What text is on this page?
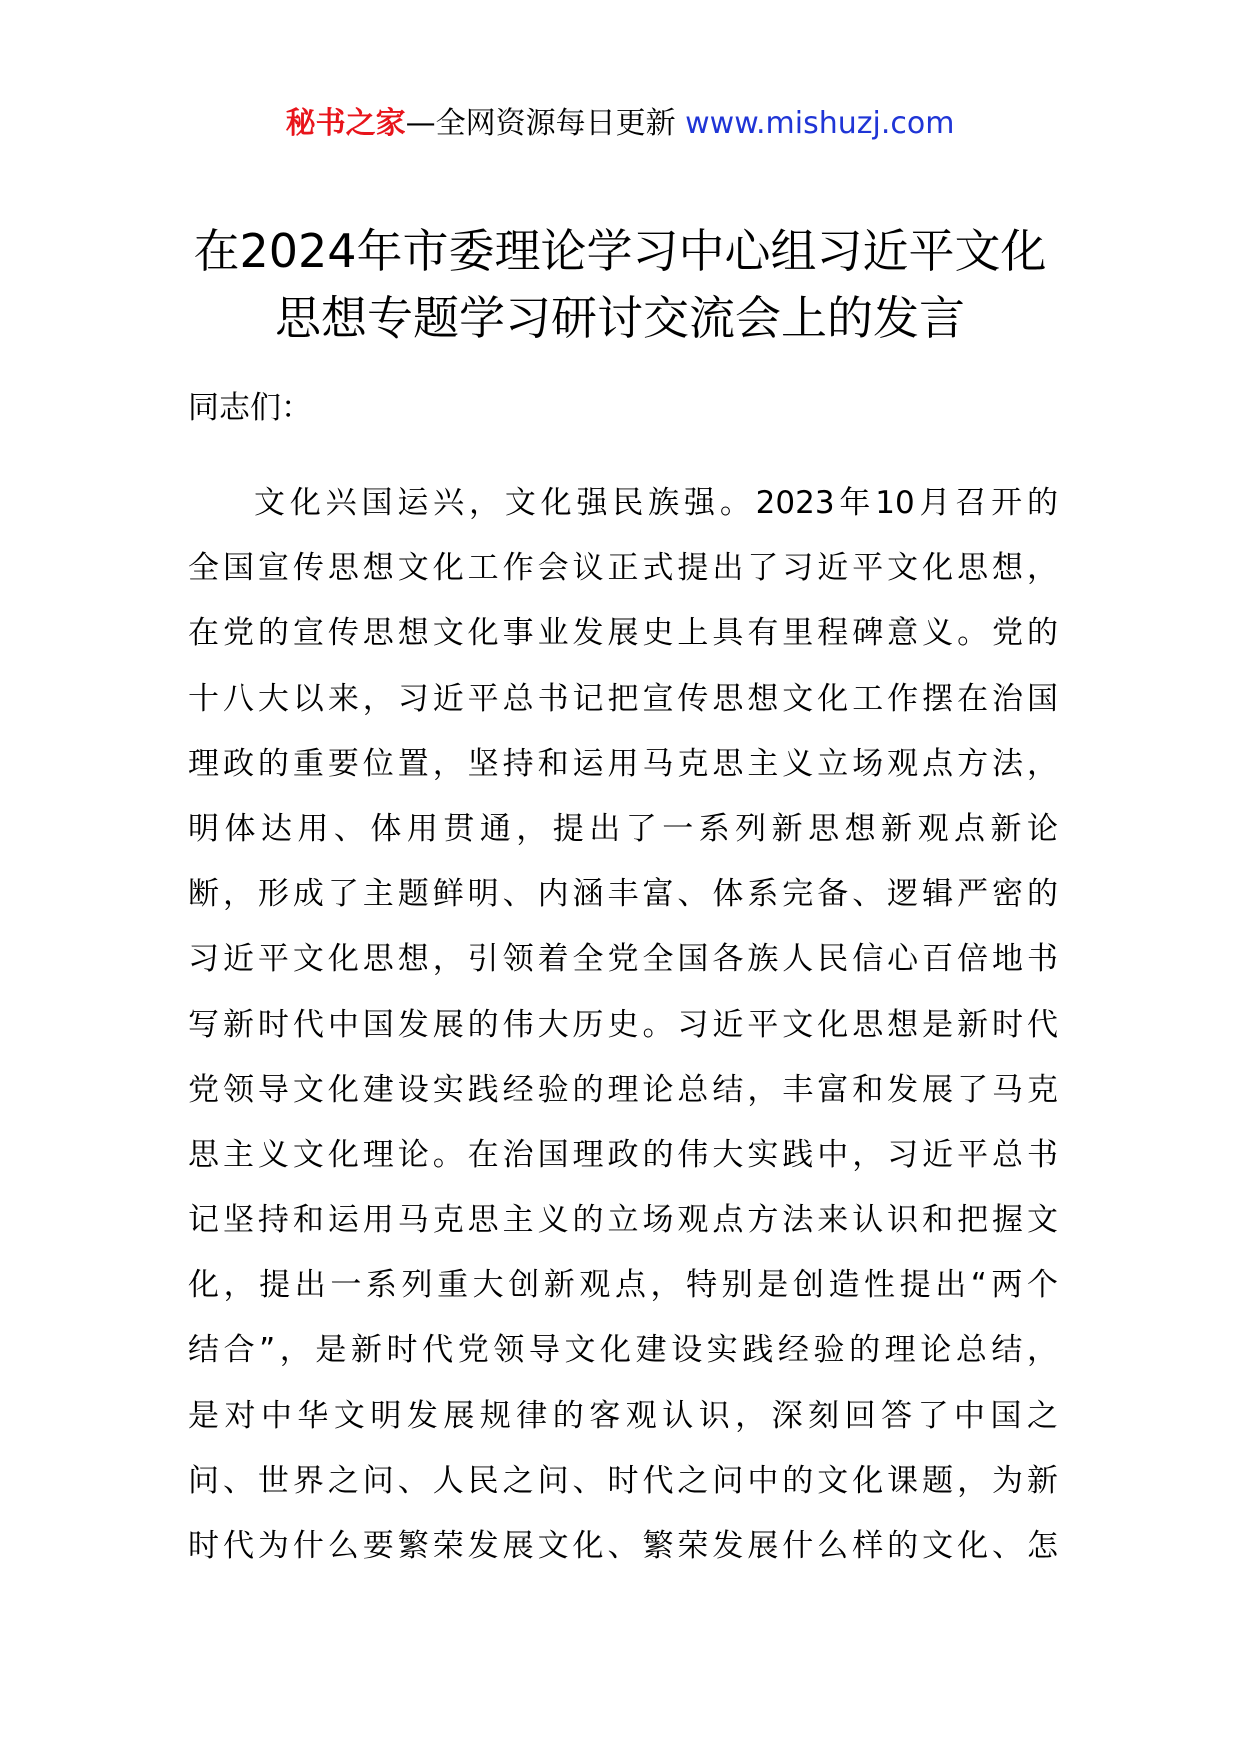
秘书之家—全网资源每日更新 www.mishuzj.com
在2024年市委理论学习中心组习近平文化
思想专题学习研讨交流会上的发言
同志们：
文化兴国运兴，文化强民族强。2023年10月召开的
全国宣传思想文化工作会议正式提出了习近平文化思想，
在党的宣传思想文化事业发展史上具有里程碑意义。党的
十八大以来，习近平总书记把宣传思想文化工作摆在治国
理政的重要位置，坚持和运用马克思主义立场观点方法，
明体达用、体用贯通，提出了一系列新思想新观点新论
断，形成了主题鲜明、内涵丰富、体系完备、逻辑严密的
习近平文化思想，引领着全党全国各族人民信心百倍地书
写新时代中国发展的伟大历史。习近平文化思想是新时代
党领导文化建设实践经验的理论总结，丰富和发展了马克
思主义文化理论。在治国理政的伟大实践中，习近平总书
记坚持和运用马克思主义的立场观点方法来认识和把握文
化，提出一系列重大创新观点，特别是创造性提出“两个
结合”，是新时代党领导文化建设实践经验的理论总结，
是对中华文明发展规律的客观认识，深刻回答了中国之
问、世界之问、人民之问、时代之问中的文化课题，为新
时代为什么要繁荣发展文化、繁荣发展什么样的文化、怎
